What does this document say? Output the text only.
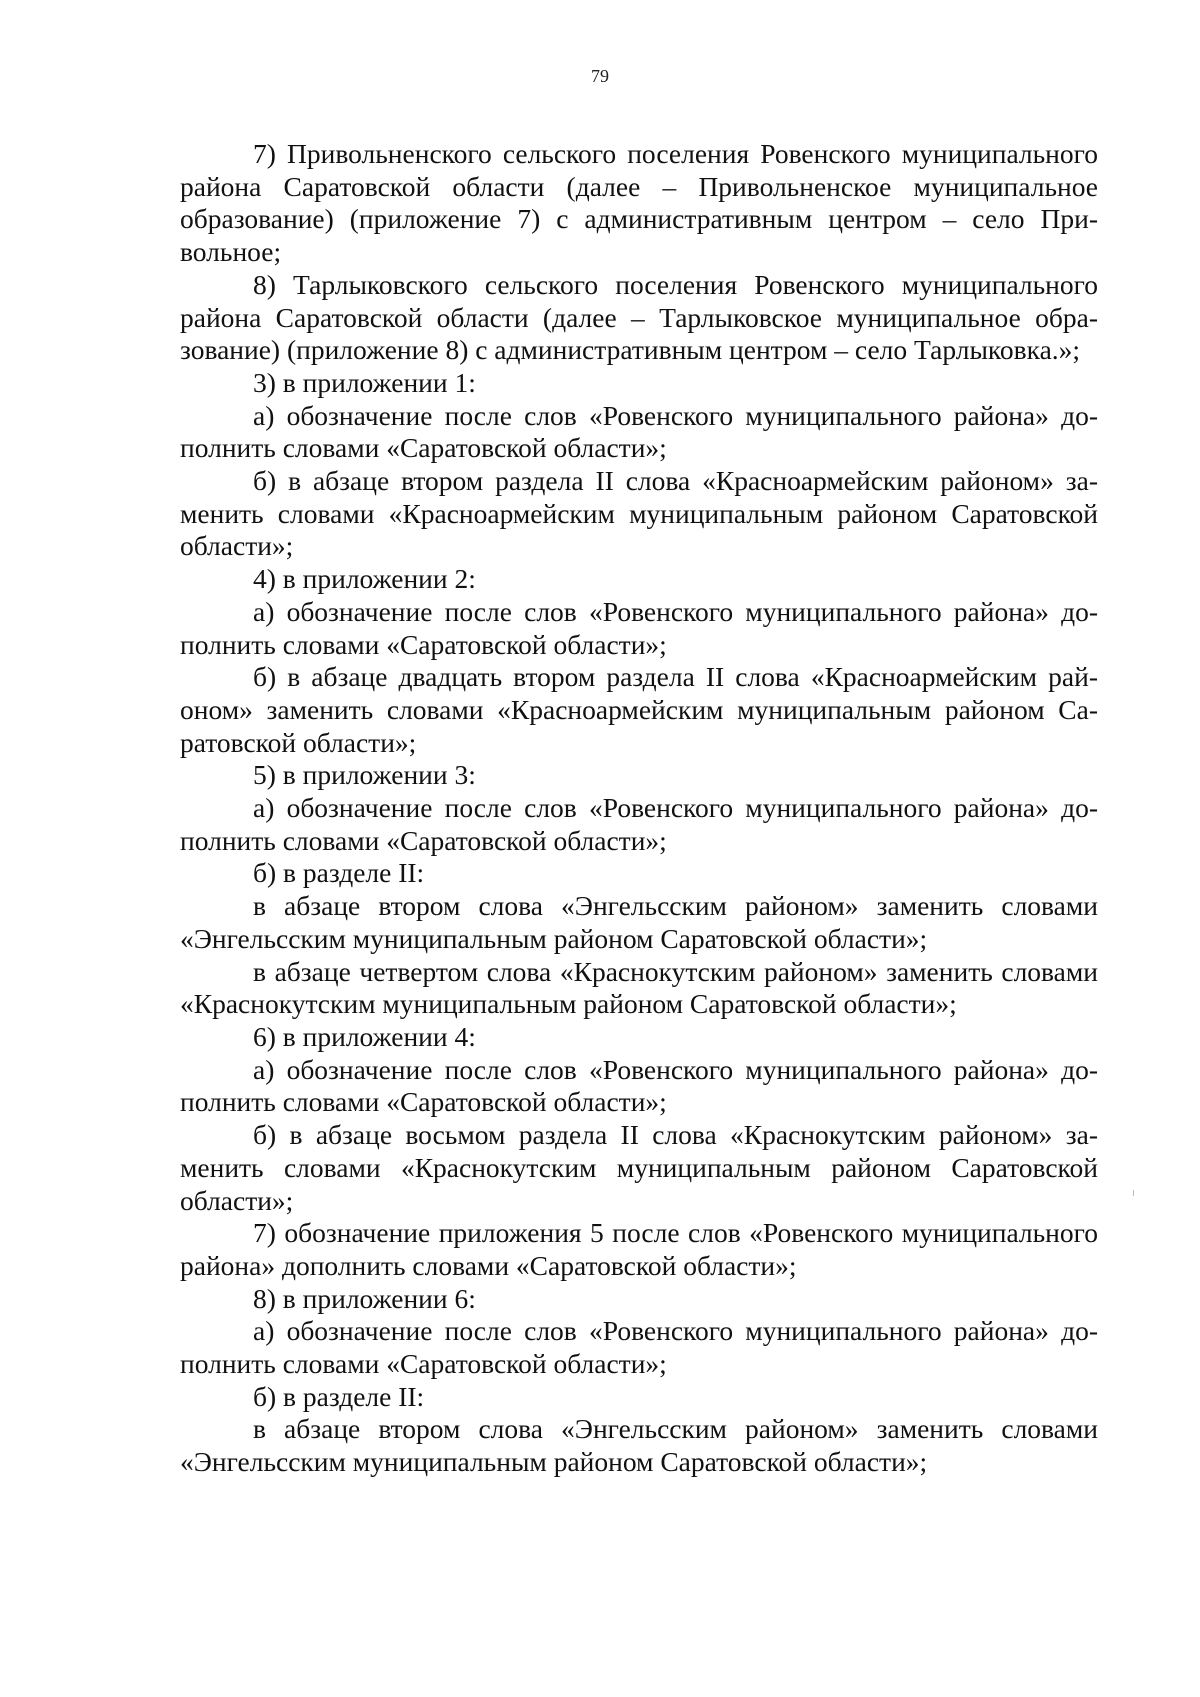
79

7) Привольненского сельского поселения Ровенского муниципального района Саратовской области (далее – Привольненское муниципальное образование) (приложение 7) с административным центром – село Привольное;

8) Тарлыковского сельского поселения Ровенского муниципального района Саратовской области (далее – Тарлыковское муниципальное образование) (приложение 8) с административным центром – село Тарлыковка.»;

3) в приложении 1:

а) обозначение после слов «Ровенского муниципального района» дополнить словами «Саратовской области»;

б) в абзаце втором раздела II слова «Красноармейским районом» заменить словами «Красноармейским муниципальным районом Саратовской области»;

4) в приложении 2:

а) обозначение после слов «Ровенского муниципального района» дополнить словами «Саратовской области»;

б) в абзаце двадцать втором раздела II слова «Красноармейским районом» заменить словами «Красноармейским муниципальным районом Саратовской области»;

5) в приложении 3:

а) обозначение после слов «Ровенского муниципального района» дополнить словами «Саратовской области»;

б) в разделе II:

в абзаце втором слова «Энгельсским районом» заменить словами «Энгельсским муниципальным районом Саратовской области»;

в абзаце четвертом слова «Краснокутским районом» заменить словами «Краснокутским муниципальным районом Саратовской области»;

6) в приложении 4:

а) обозначение после слов «Ровенского муниципального района» дополнить словами «Саратовской области»;

б) в абзаце восьмом раздела II слова «Краснокутским районом» заменить словами «Краснокутским муниципальным районом Саратовской области»;

7) обозначение приложения 5 после слов «Ровенского муниципального района» дополнить словами «Саратовской области»;

8) в приложении 6:

а) обозначение после слов «Ровенского муниципального района» дополнить словами «Саратовской области»;

б) в разделе II:

в абзаце втором слова «Энгельсским районом» заменить словами «Энгельсским муниципальным районом Саратовской области»;
